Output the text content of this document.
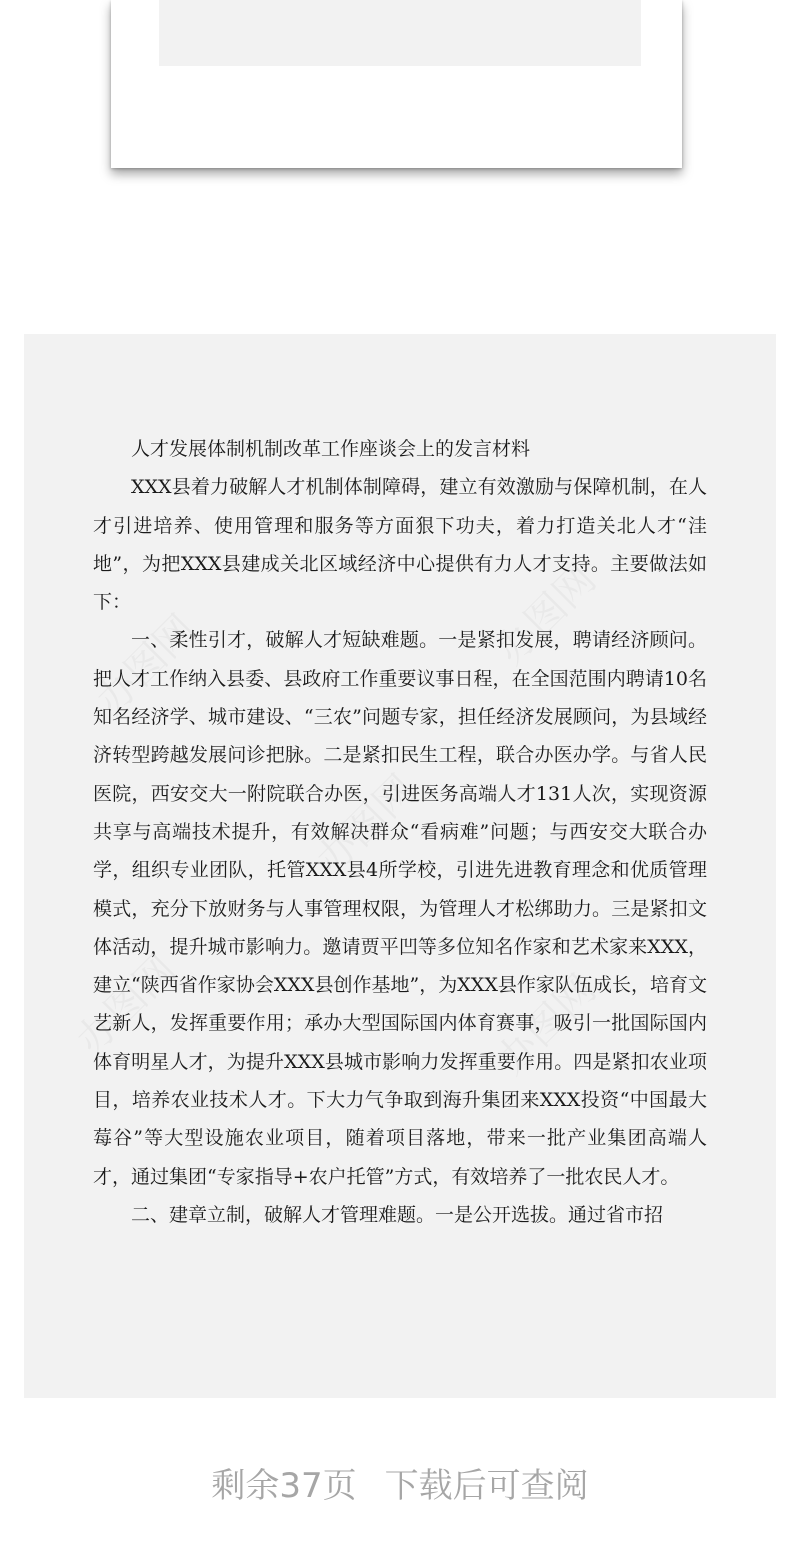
人才发展体制机制改革工作座谈会上的发言材料

XXX县着力破解人才机制体制障碍，建立有效激励与保障机制，在人才引进培养、使用管理和服务等方面狠下功夫，着力打造关北人才“洼地”，为把XXX县建成关北区域经济中心提供有力人才支持。主要做法如下：

一、柔性引才，破解人才短缺难题。一是紧扣发展，聘请经济顾问。把人才工作纳入县委、县政府工作重要议事日程，在全国范围内聘请10名知名经济学、城市建设、“三农”问题专家，担任经济发展顾问，为县域经济转型跨越发展问诊把脉。二是紧扣民生工程，联合办医办学。与省人民医院，西安交大一附院联合办医，引进医务高端人才131人次，实现资源共享与高端技术提升，有效解决群众“看病难”问题；与西安交大联合办学，组织专业团队，托管XXX县4所学校，引进先进教育理念和优质管理模式，充分下放财务与人事管理权限，为管理人才松绑助力。三是紧扣文体活动，提升城市影响力。邀请贾平凹等多位知名作家和艺术家来XXX，建立“陕西省作家协会XXX县创作基地”，为XXX县作家队伍成长，培育文艺新人，发挥重要作用；承办大型国际国内体育赛事，吸引一批国际国内体育明星人才，为提升XXX县城市影响力发挥重要作用。四是紧扣农业项目，培养农业技术人才。下大力气争取到海升集团来XXX投资“中国最大莓谷”等大型设施农业项目，随着项目落地，带来一批产业集团高端人才，通过集团“专家指导+农户托管”方式，有效培养了一批农民人才。

二、建章立制，破解人才管理难题。一是公开选拔。通过省市招

剩余37页 下载后可查阅
